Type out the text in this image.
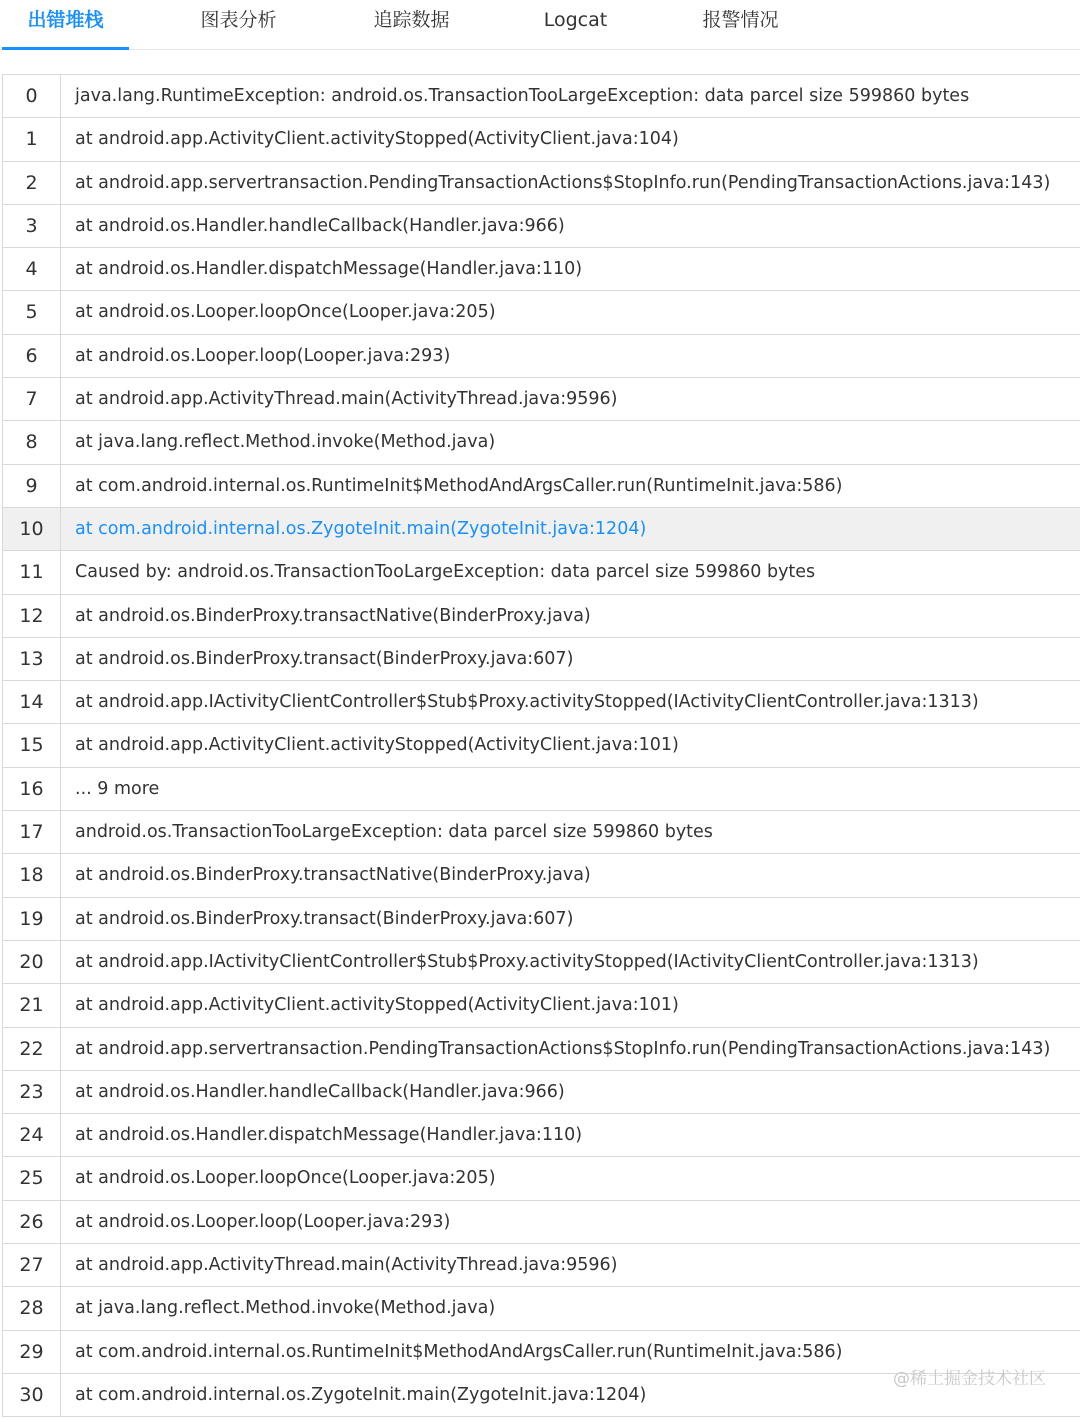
出错堆栈	图表分析	追踪数据	Logcat	报警情况
0	java.lang.RuntimeException: android.os.TransactionTooLargeException: data parcel size 599860 bytes
1	at android.app.ActivityClient.activityStopped(ActivityClient.java:104)
2	at android.app.servertransaction.PendingTransactionActions$StopInfo.run(PendingTransactionActions.java:143)
3	at android.os.Handler.handleCallback(Handler.java:966)
4	at android.os.Handler.dispatchMessage(Handler.java:110)
5	at android.os.Looper.loopOnce(Looper.java:205)
6	at android.os.Looper.loop(Looper.java:293)
7	at android.app.ActivityThread.main(ActivityThread.java:9596)
8	at java.lang.reflect.Method.invoke(Method.java)
9	at com.android.internal.os.RuntimeInit$MethodAndArgsCaller.run(RuntimeInit.java:586)
10	at com.android.internal.os.ZygoteInit.main(ZygoteInit.java:1204)
11	Caused by: android.os.TransactionTooLargeException: data parcel size 599860 bytes
12	at android.os.BinderProxy.transactNative(BinderProxy.java)
13	at android.os.BinderProxy.transact(BinderProxy.java:607)
14	at android.app.IActivityClientController$Stub$Proxy.activityStopped(IActivityClientController.java:1313)
15	at android.app.ActivityClient.activityStopped(ActivityClient.java:101)
16	... 9 more
17	android.os.TransactionTooLargeException: data parcel size 599860 bytes
18	at android.os.BinderProxy.transactNative(BinderProxy.java)
19	at android.os.BinderProxy.transact(BinderProxy.java:607)
20	at android.app.IActivityClientController$Stub$Proxy.activityStopped(IActivityClientController.java:1313)
21	at android.app.ActivityClient.activityStopped(ActivityClient.java:101)
22	at android.app.servertransaction.PendingTransactionActions$StopInfo.run(PendingTransactionActions.java:143)
23	at android.os.Handler.handleCallback(Handler.java:966)
24	at android.os.Handler.dispatchMessage(Handler.java:110)
25	at android.os.Looper.loopOnce(Looper.java:205)
26	at android.os.Looper.loop(Looper.java:293)
27	at android.app.ActivityThread.main(ActivityThread.java:9596)
28	at java.lang.reflect.Method.invoke(Method.java)
29	at com.android.internal.os.RuntimeInit$MethodAndArgsCaller.run(RuntimeInit.java:586)
30	at com.android.internal.os.ZygoteInit.main(ZygoteInit.java:1204)
@稀土掘金技术社区
